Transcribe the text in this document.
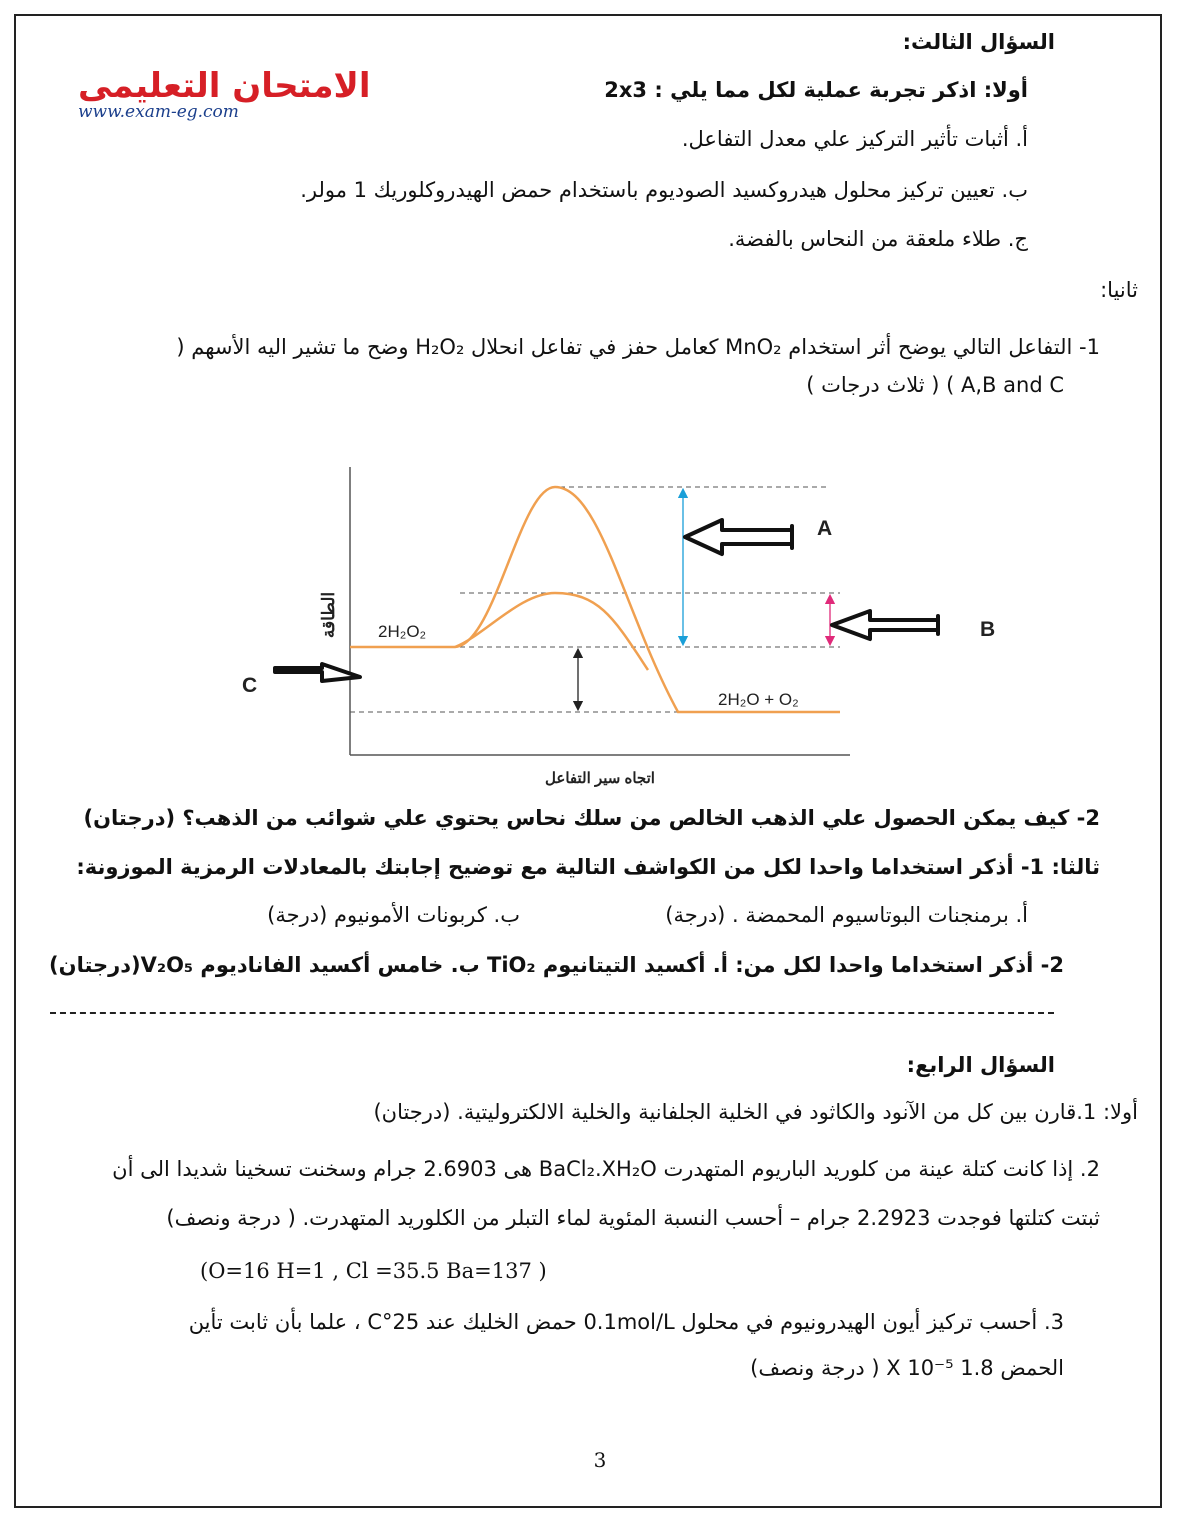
الامتحان التعليمى
www.exam-eg.com
السؤال الثالث:
أولا: اذكر تجربة عملية لكل مما يلي : 2x3
أ. أثبات تأثير التركيز علي معدل التفاعل.
ب. تعيين تركيز محلول هيدروكسيد الصوديوم باستخدام حمض الهيدروكلوريك 1 مولر.
ج. طلاء ملعقة من النحاس بالفضة.
ثانيا:
1- التفاعل التالي يوضح أثر استخدام MnO₂ كعامل حفز في تفاعل انحلال H₂O₂ وضح ما تشير اليه الأسهم (
A,B and C ) ( ثلاث درجات )
الطاقة
اتجاه سير التفاعل
2H₂O₂
2H₂O + O₂
A
B
C
2- كيف يمكن الحصول علي الذهب الخالص من سلك نحاس يحتوي علي شوائب من الذهب؟ (درجتان)
ثالثا: 1- أذكر استخداما واحدا لكل من الكواشف التالية مع توضيح إجابتك بالمعادلات الرمزية الموزونة:
أ. برمنجنات البوتاسيوم المحمضة . (درجة)
ب. كربونات الأمونيوم (درجة)
2- أذكر استخداما واحدا لكل من: أ. أكسيد التيتانيوم TiO₂ ب. خامس أكسيد الفاناديوم V₂O₅(درجتان)
السؤال الرابع:
أولا: 1.قارن بين كل من الآنود والكاثود في الخلية الجلفانية والخلية الالكتروليتية. (درجتان)
2. إذا كانت كتلة عينة من كلوريد الباريوم المتهدرت BaCl₂.XH₂O هى 2.6903 جرام وسخنت تسخينا شديدا الى أن
ثبتت كتلتها فوجدت 2.2923 جرام – أحسب النسبة المئوية لماء التبلر من الكلوريد المتهدرت. ( درجة ونصف)
(O=16 H=1 , Cl =35.5 Ba=137 )
3. أحسب تركيز أيون الهيدرونيوم في محلول 0.1mol/L حمض الخليك عند 25°C ، علما بأن ثابت تأين
الحمض 1.8 X 10⁻⁵ ( درجة ونصف)
3
